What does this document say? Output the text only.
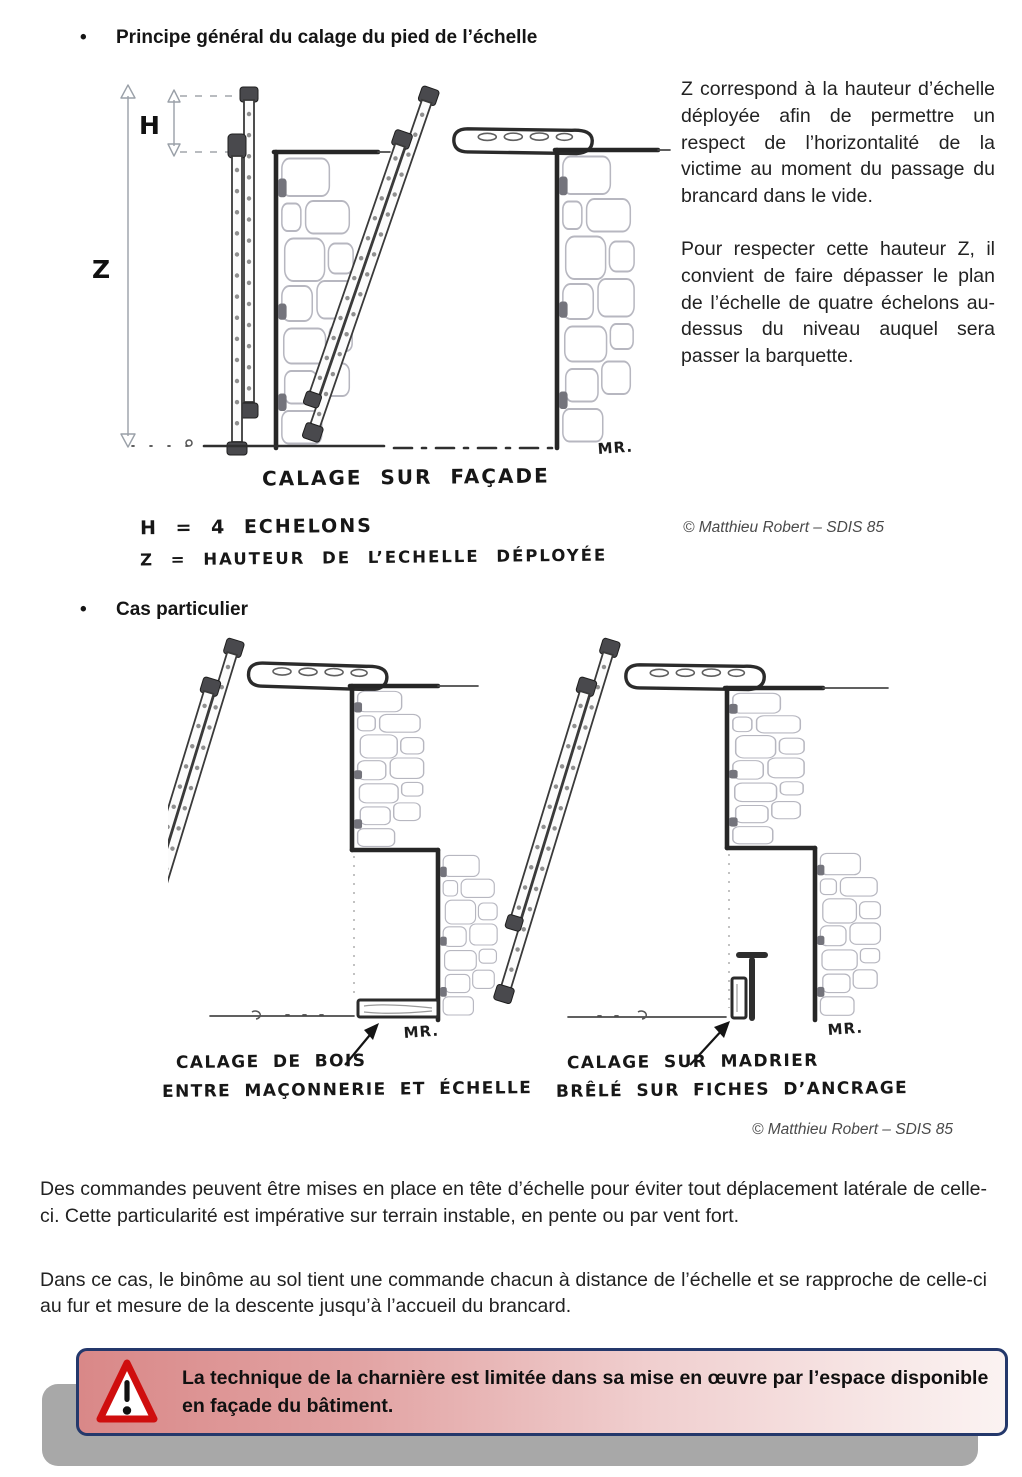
• Principe général du calage du pied de l’échelle
H
Z
MR.
CALAGE SUR FAÇADE
H = 4 ECHELONS
Z = HAUTEUR DE L’ECHELLE DÉPLOYÉE
© Matthieu Robert – SDIS 85

Z correspond à la hauteur d’échelle déployée afin de permettre un respect de l’horizontalité de la victime au moment du passage du brancard dans le vide.

Pour respecter cette hauteur Z, il convient de faire dépasser le plan de l’échelle de quatre échelons au-dessus du niveau auquel sera passer la barquette.

• Cas particulier
MR.	MR.
CALAGE DE BOIS
ENTRE MAÇONNERIE ET ÉCHELLE
CALAGE SUR MADRIER
BRÊLÉ SUR FICHES D’ANCRAGE
© Matthieu Robert – SDIS 85

Des commandes peuvent être mises en place en tête d’échelle pour éviter tout déplacement latérale de celle-ci. Cette particularité est impérative sur terrain instable, en pente ou par vent fort.

Dans ce cas, le binôme au sol tient une commande chacun à distance de l’échelle et se rapproche de celle-ci au fur et mesure de la descente jusqu’à l’accueil du brancard.

La technique de la charnière est limitée dans sa mise en œuvre par l’espace disponible en façade du bâtiment.
